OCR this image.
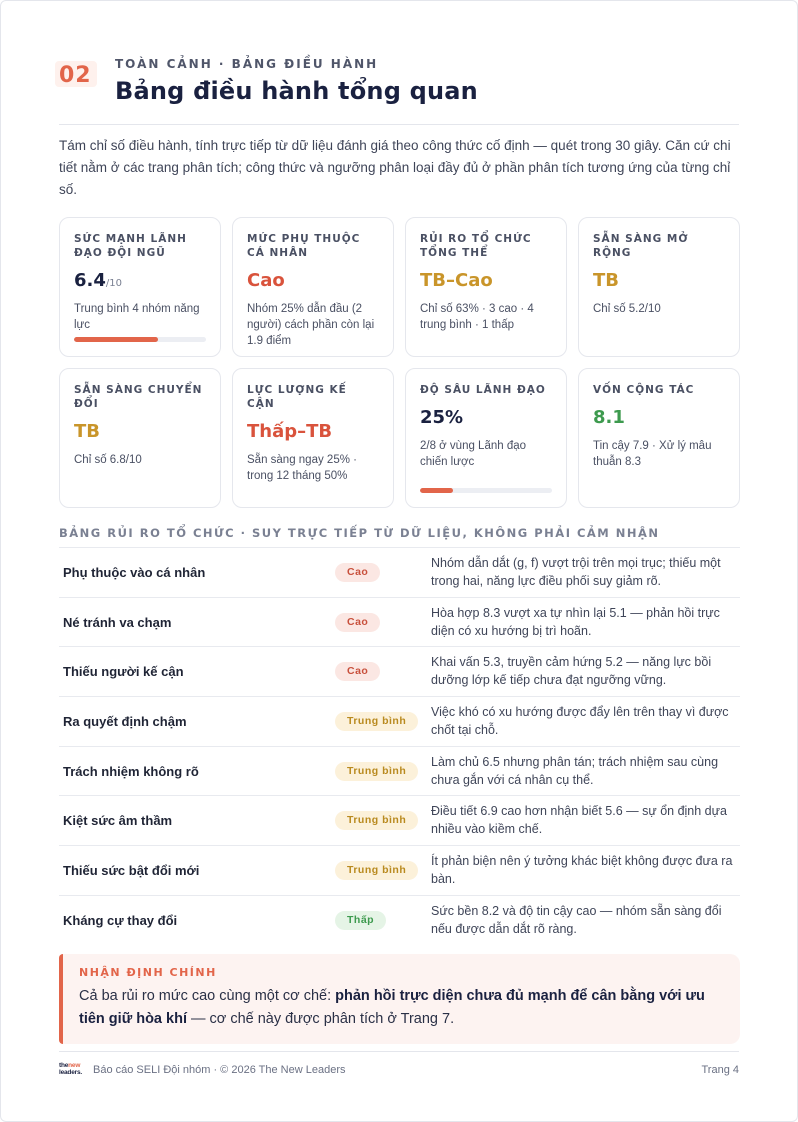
02 TOÀN CẢNH · BẢNG ĐIỀU HÀNH
Bảng điều hành tổng quan

Tám chỉ số điều hành, tính trực tiếp từ dữ liệu đánh giá theo công thức cố định — quét trong 30 giây. Căn cứ chi tiết nằm ở các trang phân tích; công thức và ngưỡng phân loại đầy đủ ở phần phân tích tương ứng của từng chỉ số.

SỨC MẠNH LÃNH ĐẠO ĐỘI NGŨ
6.4/10
Trung bình 4 nhóm năng lực
MỨC PHỤ THUỘC CÁ NHÂN
Cao
Nhóm 25% dẫn đầu (2 người) cách phần còn lại 1.9 điểm
RỦI RO TỔ CHỨC TỔNG THỂ
TB–Cao
Chỉ số 63% · 3 cao · 4 trung bình · 1 thấp
SẴN SÀNG MỞ RỘNG
TB
Chỉ số 5.2/10
SẴN SÀNG CHUYỂN ĐỔI
TB
Chỉ số 6.8/10
LỰC LƯỢNG KẾ CẬN
Thấp–TB
Sẵn sàng ngay 25% · trong 12 tháng 50%
ĐỘ SÂU LÃNH ĐẠO
25%
2/8 ở vùng Lãnh đạo chiến lược
VỐN CỘNG TÁC
8.1
Tin cậy 7.9 · Xử lý mâu thuẫn 8.3
BẢNG RỦI RO TỔ CHỨC · SUY TRỰC TIẾP TỪ DỮ LIỆU, KHÔNG PHẢI CẢM NHẬN
Phụ thuộc vào cá nhân	Cao
Nhóm dẫn dắt (g, f) vượt trội trên mọi trục; thiếu một trong hai, năng lực điều phối suy giảm rõ.
Né tránh va chạm	Cao
Hòa hợp 8.3 vượt xa tự nhìn lại 5.1 — phản hồi trực diện có xu hướng bị trì hoãn.
Thiếu người kế cận	Cao
Khai vấn 5.3, truyền cảm hứng 5.2 — năng lực bồi dưỡng lớp kế tiếp chưa đạt ngưỡng vững.
Ra quyết định chậm	Trung bình
Việc khó có xu hướng được đẩy lên trên thay vì được chốt tại chỗ.
Trách nhiệm không rõ	Trung bình
Làm chủ 6.5 nhưng phân tán; trách nhiệm sau cùng chưa gắn với cá nhân cụ thể.
Kiệt sức âm thầm	Trung bình
Điều tiết 6.9 cao hơn nhận biết 5.6 — sự ổn định dựa nhiều vào kiềm chế.
Thiếu sức bật đổi mới	Trung bình
Ít phản biện nên ý tưởng khác biệt không được đưa ra bàn.
Kháng cự thay đổi	Thấp
Sức bền 8.2 và độ tin cậy cao — nhóm sẵn sàng đổi nếu được dẫn dắt rõ ràng.
NHẬN ĐỊNH CHÍNH
Cả ba rủi ro mức cao cùng một cơ chế: phản hồi trực diện chưa đủ mạnh để cân bằng với ưu tiên giữ hòa khí — cơ chế này được phân tích ở Trang 7.
thenew
leaders.	Báo cáo SELI Đội nhóm · © 2026 The New Leaders	Trang 4
